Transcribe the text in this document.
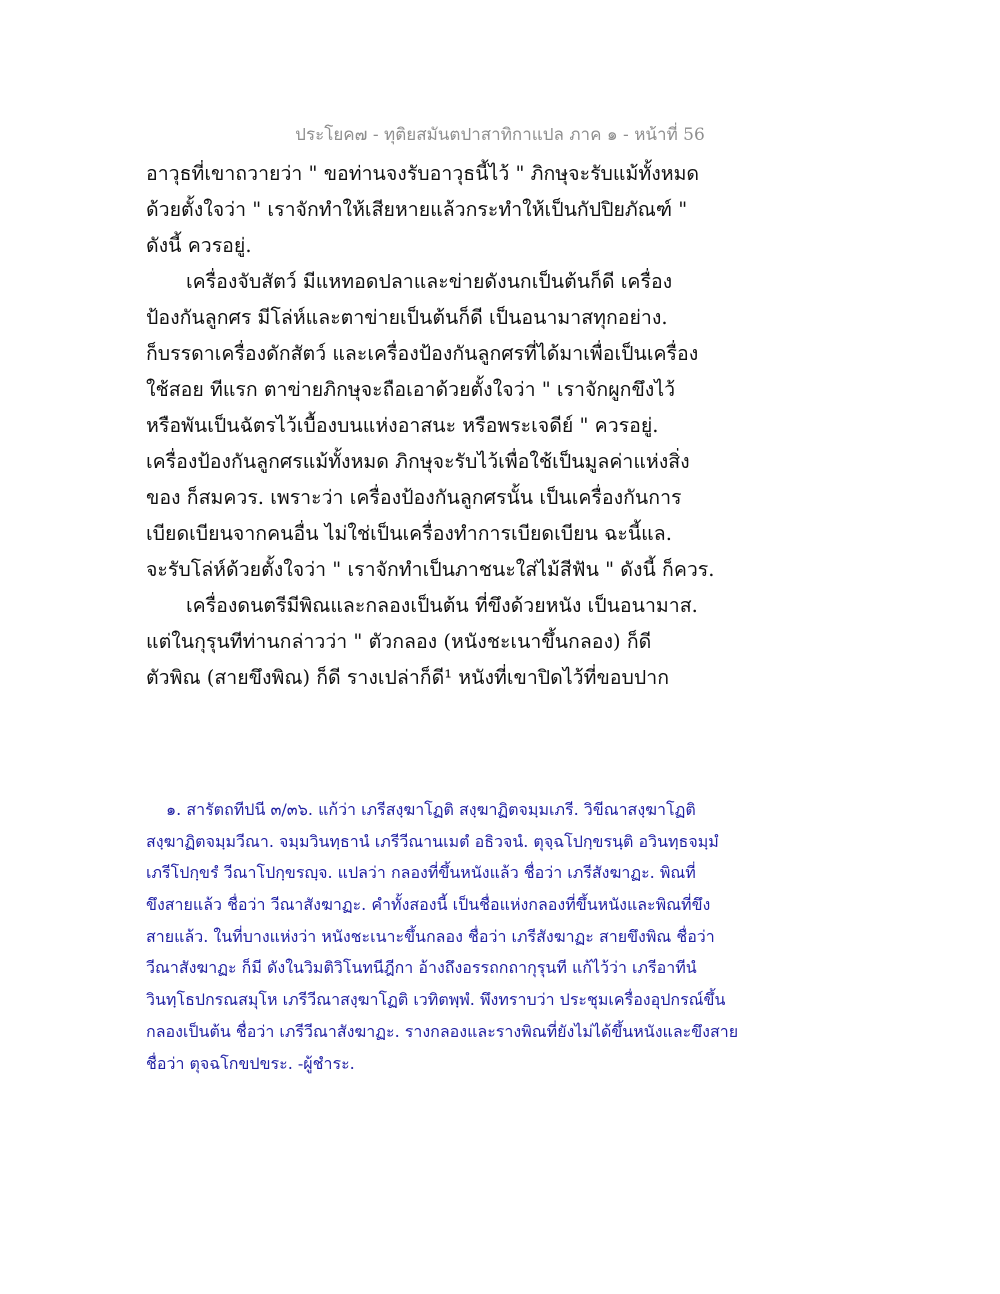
ประโยค๗ - ทุติยสมันตปาสาทิกาแปล ภาค ๑ - หน้าที่ 56
อาวุธที่เขาถวายว่า " ขอท่านจงรับอาวุธนี้ไว้ " ภิกษุจะรับแม้ทั้งหมด
ด้วยตั้งใจว่า " เราจักทำให้เสียหายแล้วกระทำให้เป็นกัปปิยภัณฑ์ "
ดังนี้ ควรอยู่.
เครื่องจับสัตว์ มีแหทอดปลาและข่ายดังนกเป็นต้นก็ดี เครื่อง
ป้องกันลูกศร มีโล่ห์และตาข่ายเป็นต้นก็ดี เป็นอนามาสทุกอย่าง.
ก็บรรดาเครื่องดักสัตว์ และเครื่องป้องกันลูกศรที่ได้มาเพื่อเป็นเครื่อง
ใช้สอย ทีแรก ตาข่ายภิกษุจะถือเอาด้วยตั้งใจว่า " เราจักผูกขึงไว้
หรือพันเป็นฉัตรไว้เบื้องบนแห่งอาสนะ หรือพระเจดีย์ " ควรอยู่.
เครื่องป้องกันลูกศรแม้ทั้งหมด ภิกษุจะรับไว้เพื่อใช้เป็นมูลค่าแห่งสิ่ง
ของ ก็สมควร. เพราะว่า เครื่องป้องกันลูกศรนั้น เป็นเครื่องกันการ
เบียดเบียนจากคนอื่น ไม่ใช่เป็นเครื่องทำการเบียดเบียน ฉะนี้แล.
จะรับโล่ห์ด้วยตั้งใจว่า " เราจักทำเป็นภาชนะใส่ไม้สีฟัน " ดังนี้ ก็ควร.
เครื่องดนตรีมีพิณและกลองเป็นต้น ที่ขึงด้วยหนัง เป็นอนามาส.
แต่ในกุรุนทีท่านกล่าวว่า " ตัวกลอง (หนังชะเนาขึ้นกลอง) ก็ดี
ตัวพิณ (สายขึงพิณ) ก็ดี รางเปล่าก็ดี¹ หนังที่เขาปิดไว้ที่ขอบปาก
๑. สารัตถทีปนี ๓/๓๖. แก้ว่า เภรีสงฺฆาโฏติ สงฺฆาฏิตจมฺมเภรี. วิขีณาสงฺฆาโฏติ
สงฺฆาฏิตจมฺมวีณา. จมฺมวินทฺธานํ เภรีวีณานเมตํ อธิวจนํ. ตุจฺฉโปกฺขรนฺติ อวินทฺธจมฺมํ
เภรีโปกฺขรํ วีณาโปกฺขรญฺจ. แปลว่า กลองที่ขึ้นหนังแล้ว ชื่อว่า เภรีสังฆาฏะ. พิณที่
ขึงสายแล้ว ชื่อว่า วีณาสังฆาฏะ. คำทั้งสองนี้ เป็นชื่อแห่งกลองที่ขึ้นหนังและพิณที่ขึง
สายแล้ว. ในที่บางแห่งว่า หนังชะเนาะขึ้นกลอง ชื่อว่า เภรีสังฆาฏะ สายขึงพิณ ชื่อว่า
วีณาสังฆาฏะ ก็มี ดังในวิมติวิโนทนีฎีกา อ้างถึงอรรถกถากุรุนที แก้ไว้ว่า เภรีอาทีนํ
วินทฺโธปกรณสมุโห เภรีวีณาสงฺฆาโฏติ เวทิตพฺพํ. พึงทราบว่า ประชุมเครื่องอุปกรณ์ขึ้น
กลองเป็นต้น ชื่อว่า เภรีวีณาสังฆาฏะ. รางกลองและรางพิณที่ยังไม่ได้ขึ้นหนังและขึงสาย
ชื่อว่า ตุจฉโกขปขระ. -ผู้ชำระ.
